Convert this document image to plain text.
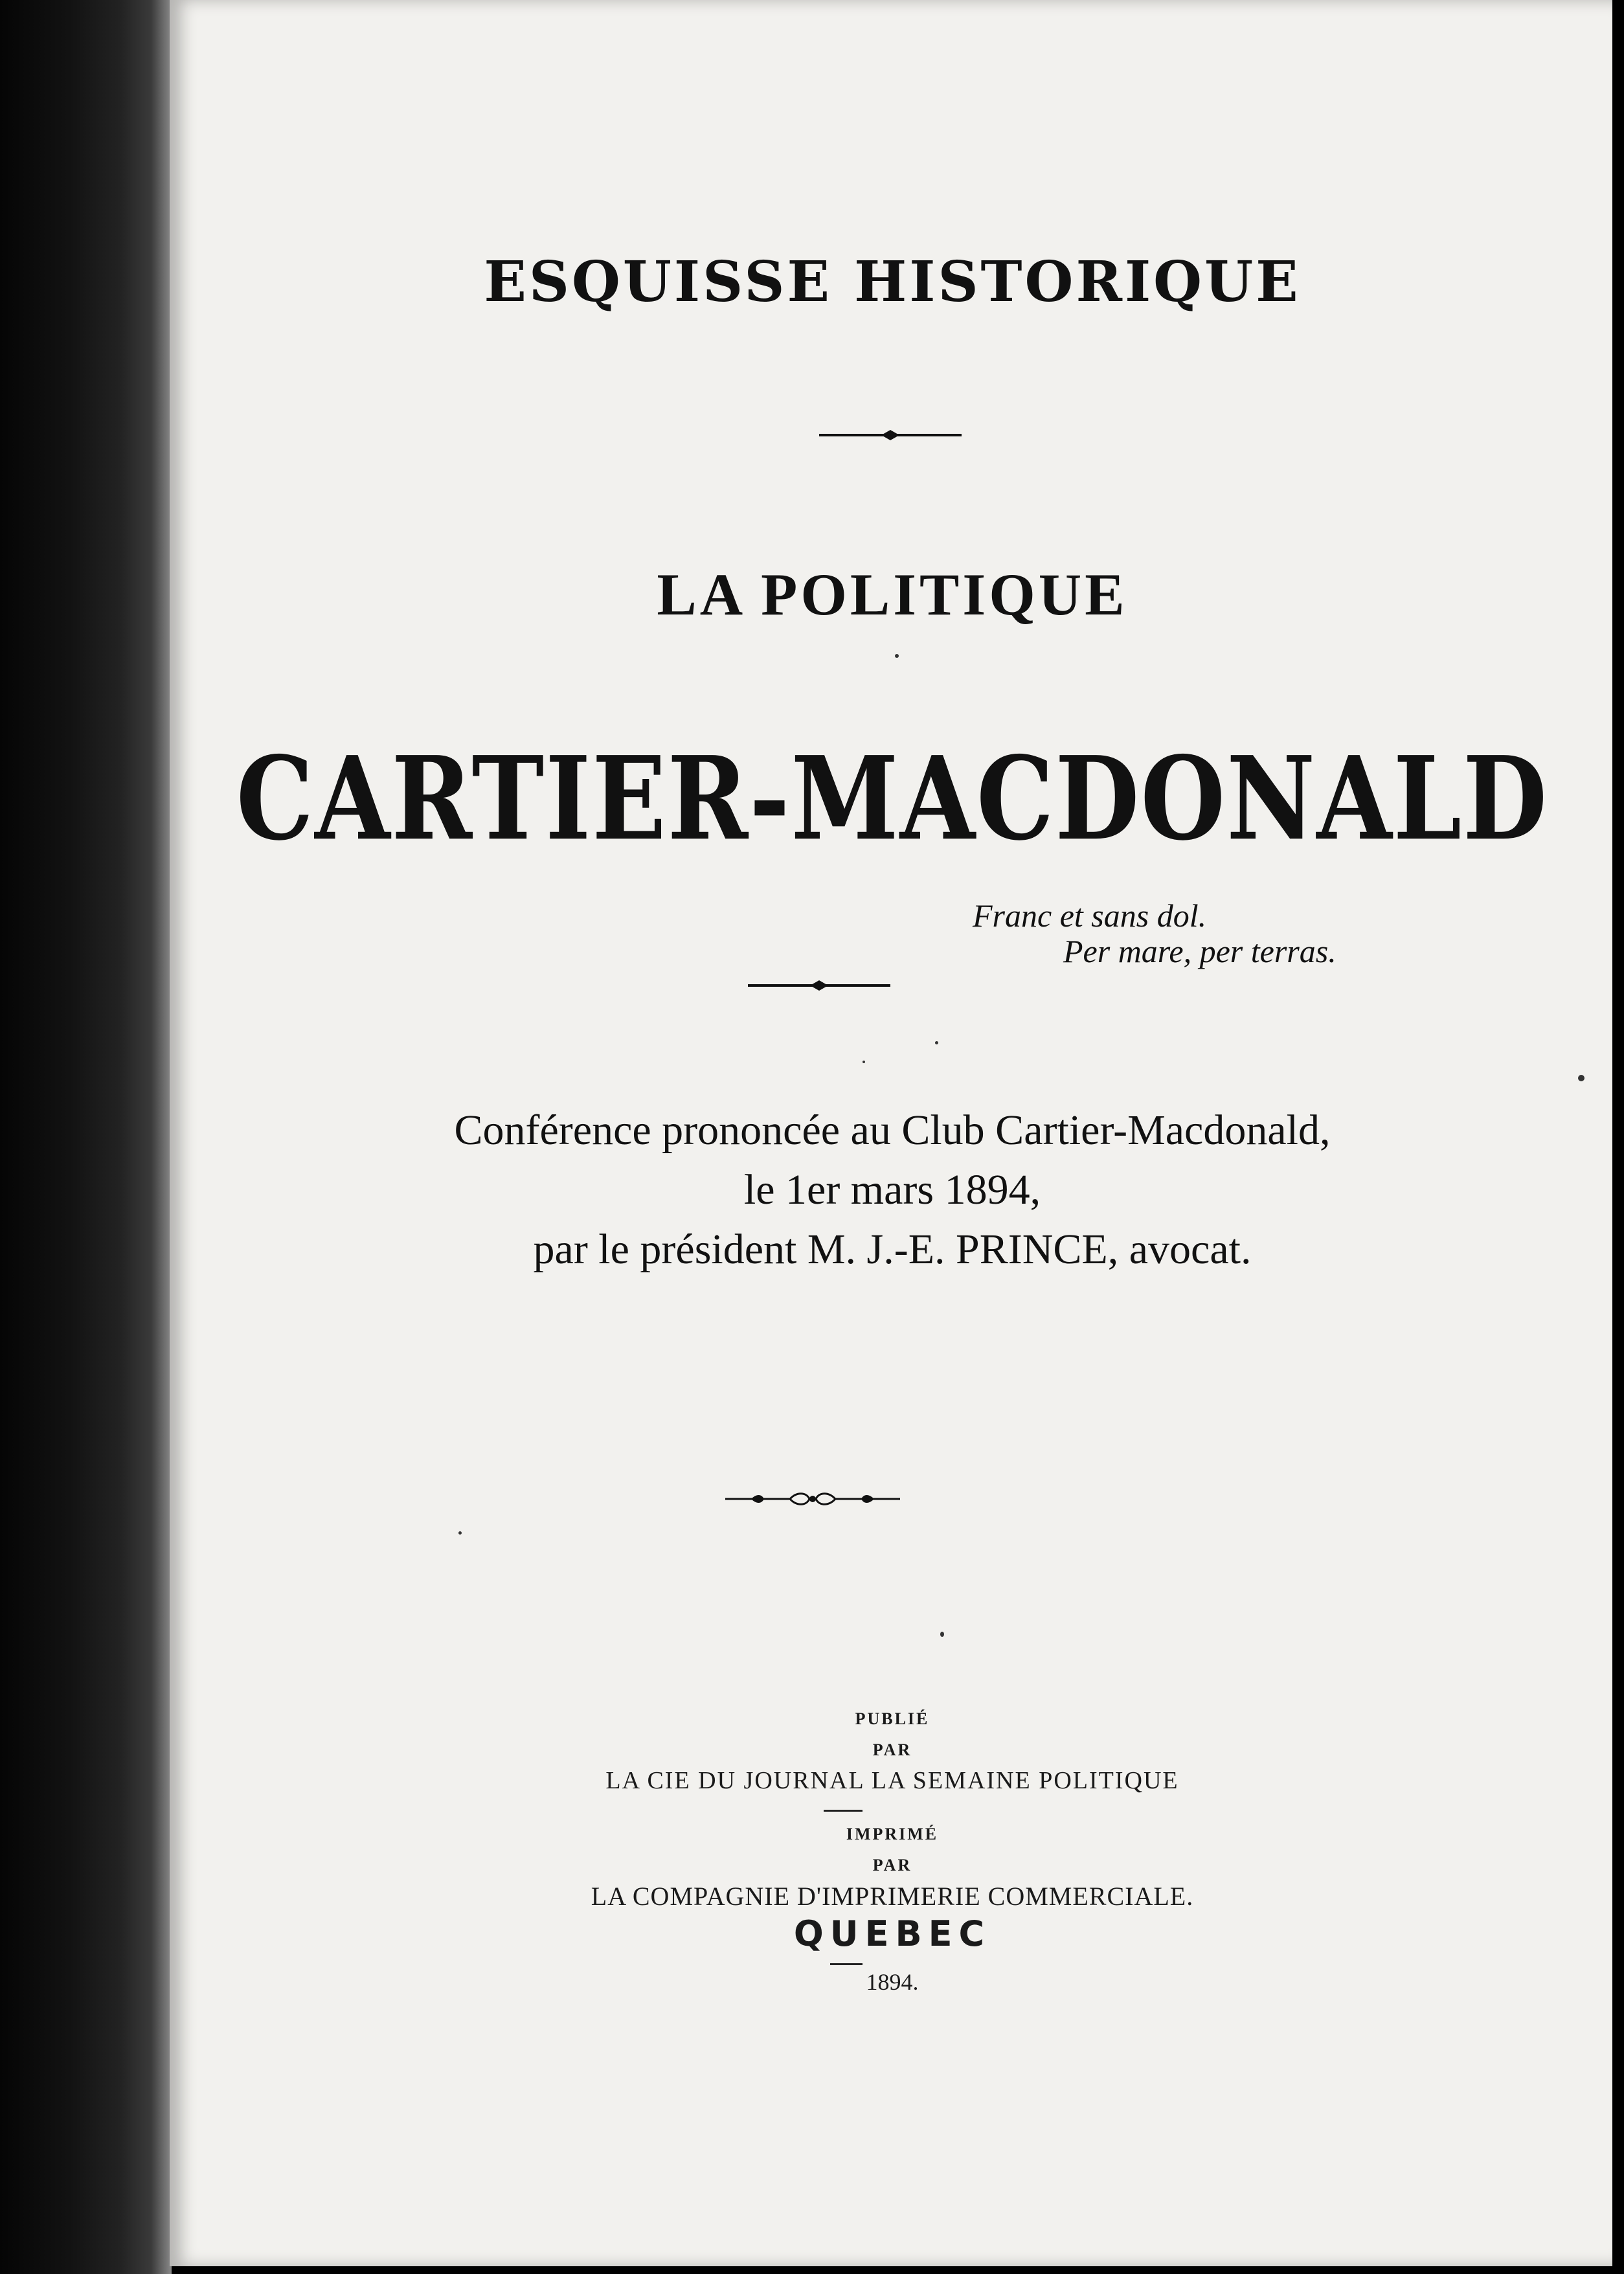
ESQUISSE HISTORIQUE
LA POLITIQUE
CARTIER-MACDONALD
Franc et sans dol.
Per mare, per terras.
Conférence prononcée au Club Cartier-Macdonald,
le 1er mars 1894,
par le président M. J.-E. PRINCE, avocat.
PUBLIÉ
PAR
LA CIE DU JOURNAL LA SEMAINE POLITIQUE
IMPRIMÉ
PAR
LA COMPAGNIE D'IMPRIMERIE COMMERCIALE.
QUEBEC
1894.
